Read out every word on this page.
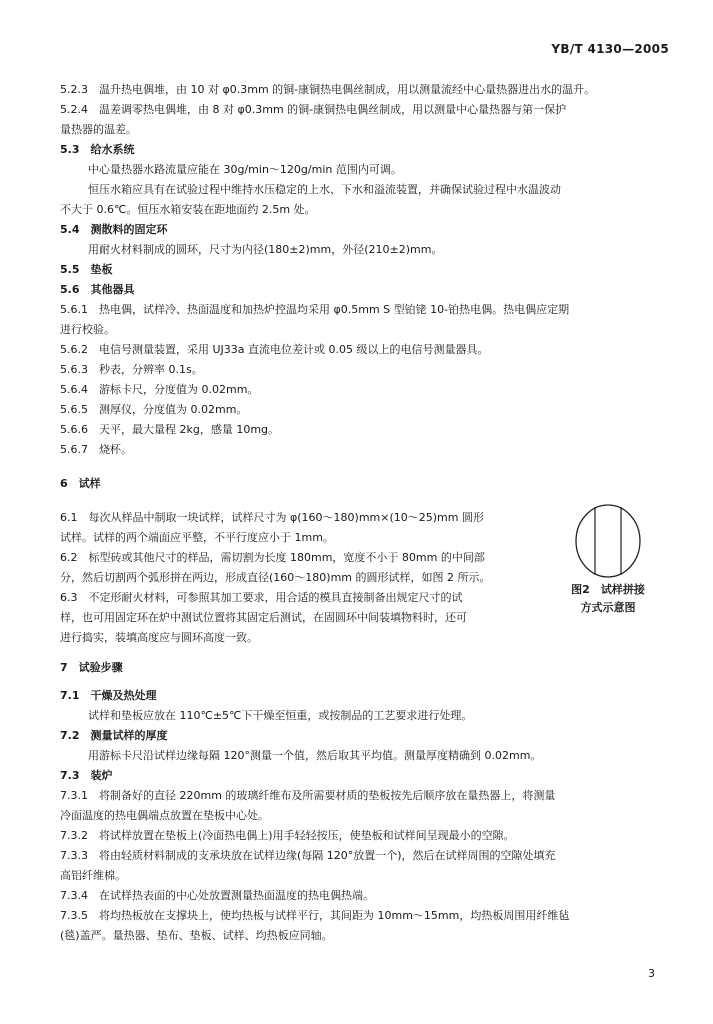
YB/T 4130—2005
5.2.3　温升热电偶堆，由 10 对 φ0.3mm 的铜-康铜热电偶丝制成，用以测量流经中心量热器进出水的温升。
5.2.4　温差调零热电偶堆，由 8 对 φ0.3mm 的铜-康铜热电偶丝制成，用以测量中心量热器与第一保护
量热器的温差。
5.3　给水系统
中心量热器水路流量应能在 30g/min～120g/min 范围内可调。
恒压水箱应具有在试验过程中维持水压稳定的上水、下水和溢流装置，并确保试验过程中水温波动
不大于 0.6℃。恒压水箱安装在距地面约 2.5m 处。
5.4　测散料的固定环
用耐火材料制成的圆环，尺寸为内径(180±2)mm，外径(210±2)mm。
5.5　垫板
5.6　其他器具
5.6.1　热电偶，试样冷、热面温度和加热炉控温均采用 φ0.5mm S 型铂铑 10-铂热电偶。热电偶应定期
进行校验。
5.6.2　电信号测量装置，采用 UJ33a 直流电位差计或 0.05 级以上的电信号测量器具。
5.6.3　秒表，分辨率 0.1s。
5.6.4　游标卡尺，分度值为 0.02mm。
5.6.5　测厚仪，分度值为 0.02mm。
5.6.6　天平，最大量程 2kg，感量 10mg。
5.6.7　烧杯。
6　试样
6.1　每次从样品中制取一块试样，试样尺寸为 φ(160～180)mm×(10～25)mm 圆形
试样。试样的两个端面应平整，不平行度应小于 1mm。
6.2　标型砖或其他尺寸的样品，需切割为长度 180mm，宽度不小于 80mm 的中间部
分，然后切割两个弧形拼在两边，形成直径(160～180)mm 的圆形试样，如图 2 所示。
6.3　不定形耐火材料，可参照其加工要求，用合适的模具直接制备出规定尺寸的试
样，也可用固定环在炉中测试位置将其固定后测试，在固圆环中间装填物料时，还可
进行捣实，装填高度应与圆环高度一致。
图2　试样拼接
方式示意图
7　试验步骤
7.1　干燥及热处理
试样和垫板应放在 110℃±5℃下干燥至恒重，或按制品的工艺要求进行处理。
7.2　测量试样的厚度
用游标卡尺沿试样边缘每隔 120°测量一个值，然后取其平均值。测量厚度精确到 0.02mm。
7.3　装炉
7.3.1　将制备好的直径 220mm 的玻璃纤维布及所需要材质的垫板按先后顺序放在量热器上，将测量
冷面温度的热电偶端点放置在垫板中心处。
7.3.2　将试样放置在垫板上(冷面热电偶上)用手轻轻按压，使垫板和试样间呈现最小的空隙。
7.3.3　将由轻质材料制成的支承块放在试样边缘(每隔 120°放置一个)，然后在试样周围的空隙处填充
高铝纤维棉。
7.3.4　在试样热表面的中心处放置测量热面温度的热电偶热端。
7.3.5　将均热板放在支撑块上，使均热板与试样平行，其间距为 10mm～15mm，均热板周围用纤维毡
(毯)盖严。量热器、垫布、垫板、试样、均热板应同轴。
3
